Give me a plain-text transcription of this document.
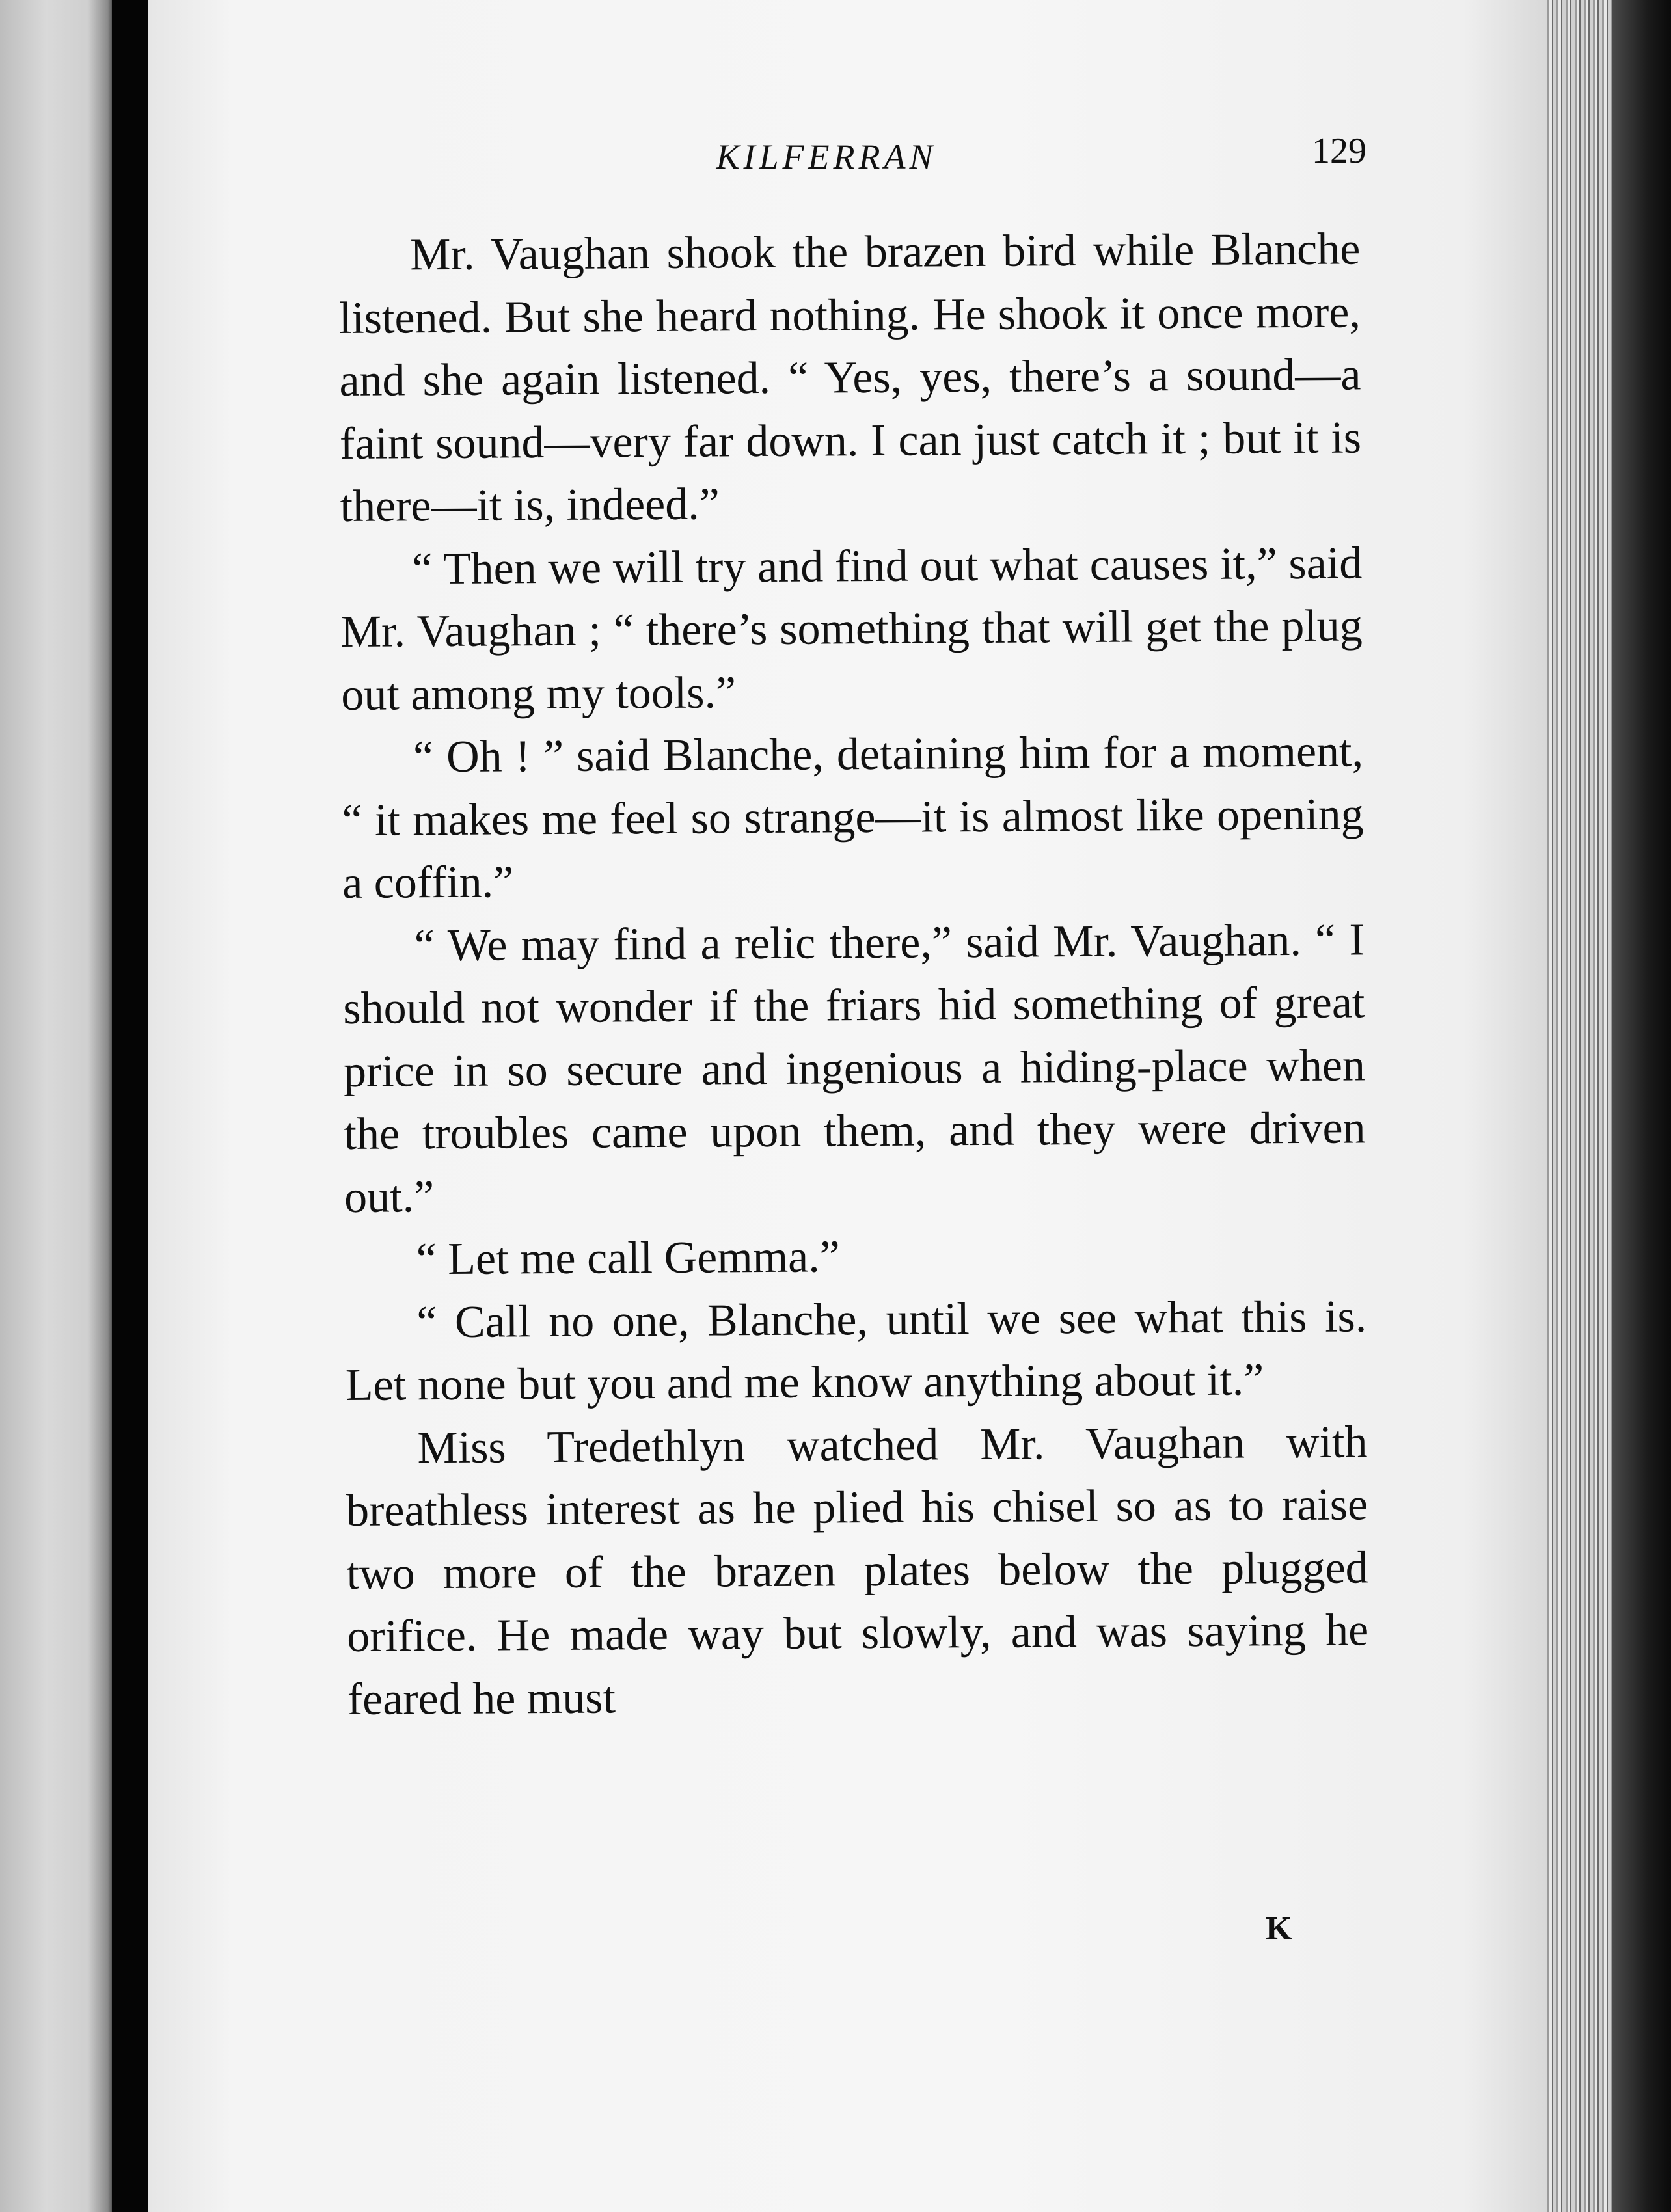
KILFERRAN	129

Mr. Vaughan shook the brazen bird while Blanche listened. But she heard nothing. He shook it once more, and she again listened. “ Yes, yes, there’s a sound—a faint sound—very far down. I can just catch it ; but it is there—it is, indeed.”

“ Then we will try and find out what causes it,” said Mr. Vaughan ; “ there’s something that will get the plug out among my tools.”

“ Oh ! ” said Blanche, detaining him for a moment, “ it makes me feel so strange—it is almost like opening a coffin.”

“ We may find a relic there,” said Mr. Vaughan. “ I should not wonder if the friars hid something of great price in so secure and ingenious a hiding-place when the troubles came upon them, and they were driven out.”

“ Let me call Gemma.”

“ Call no one, Blanche, until we see what this is. Let none but you and me know anything about it.”

Miss Tredethlyn watched Mr. Vaughan with breathless interest as he plied his chisel so as to raise two more of the brazen plates below the plugged orifice. He made way but slowly, and was saying he feared he must

K
